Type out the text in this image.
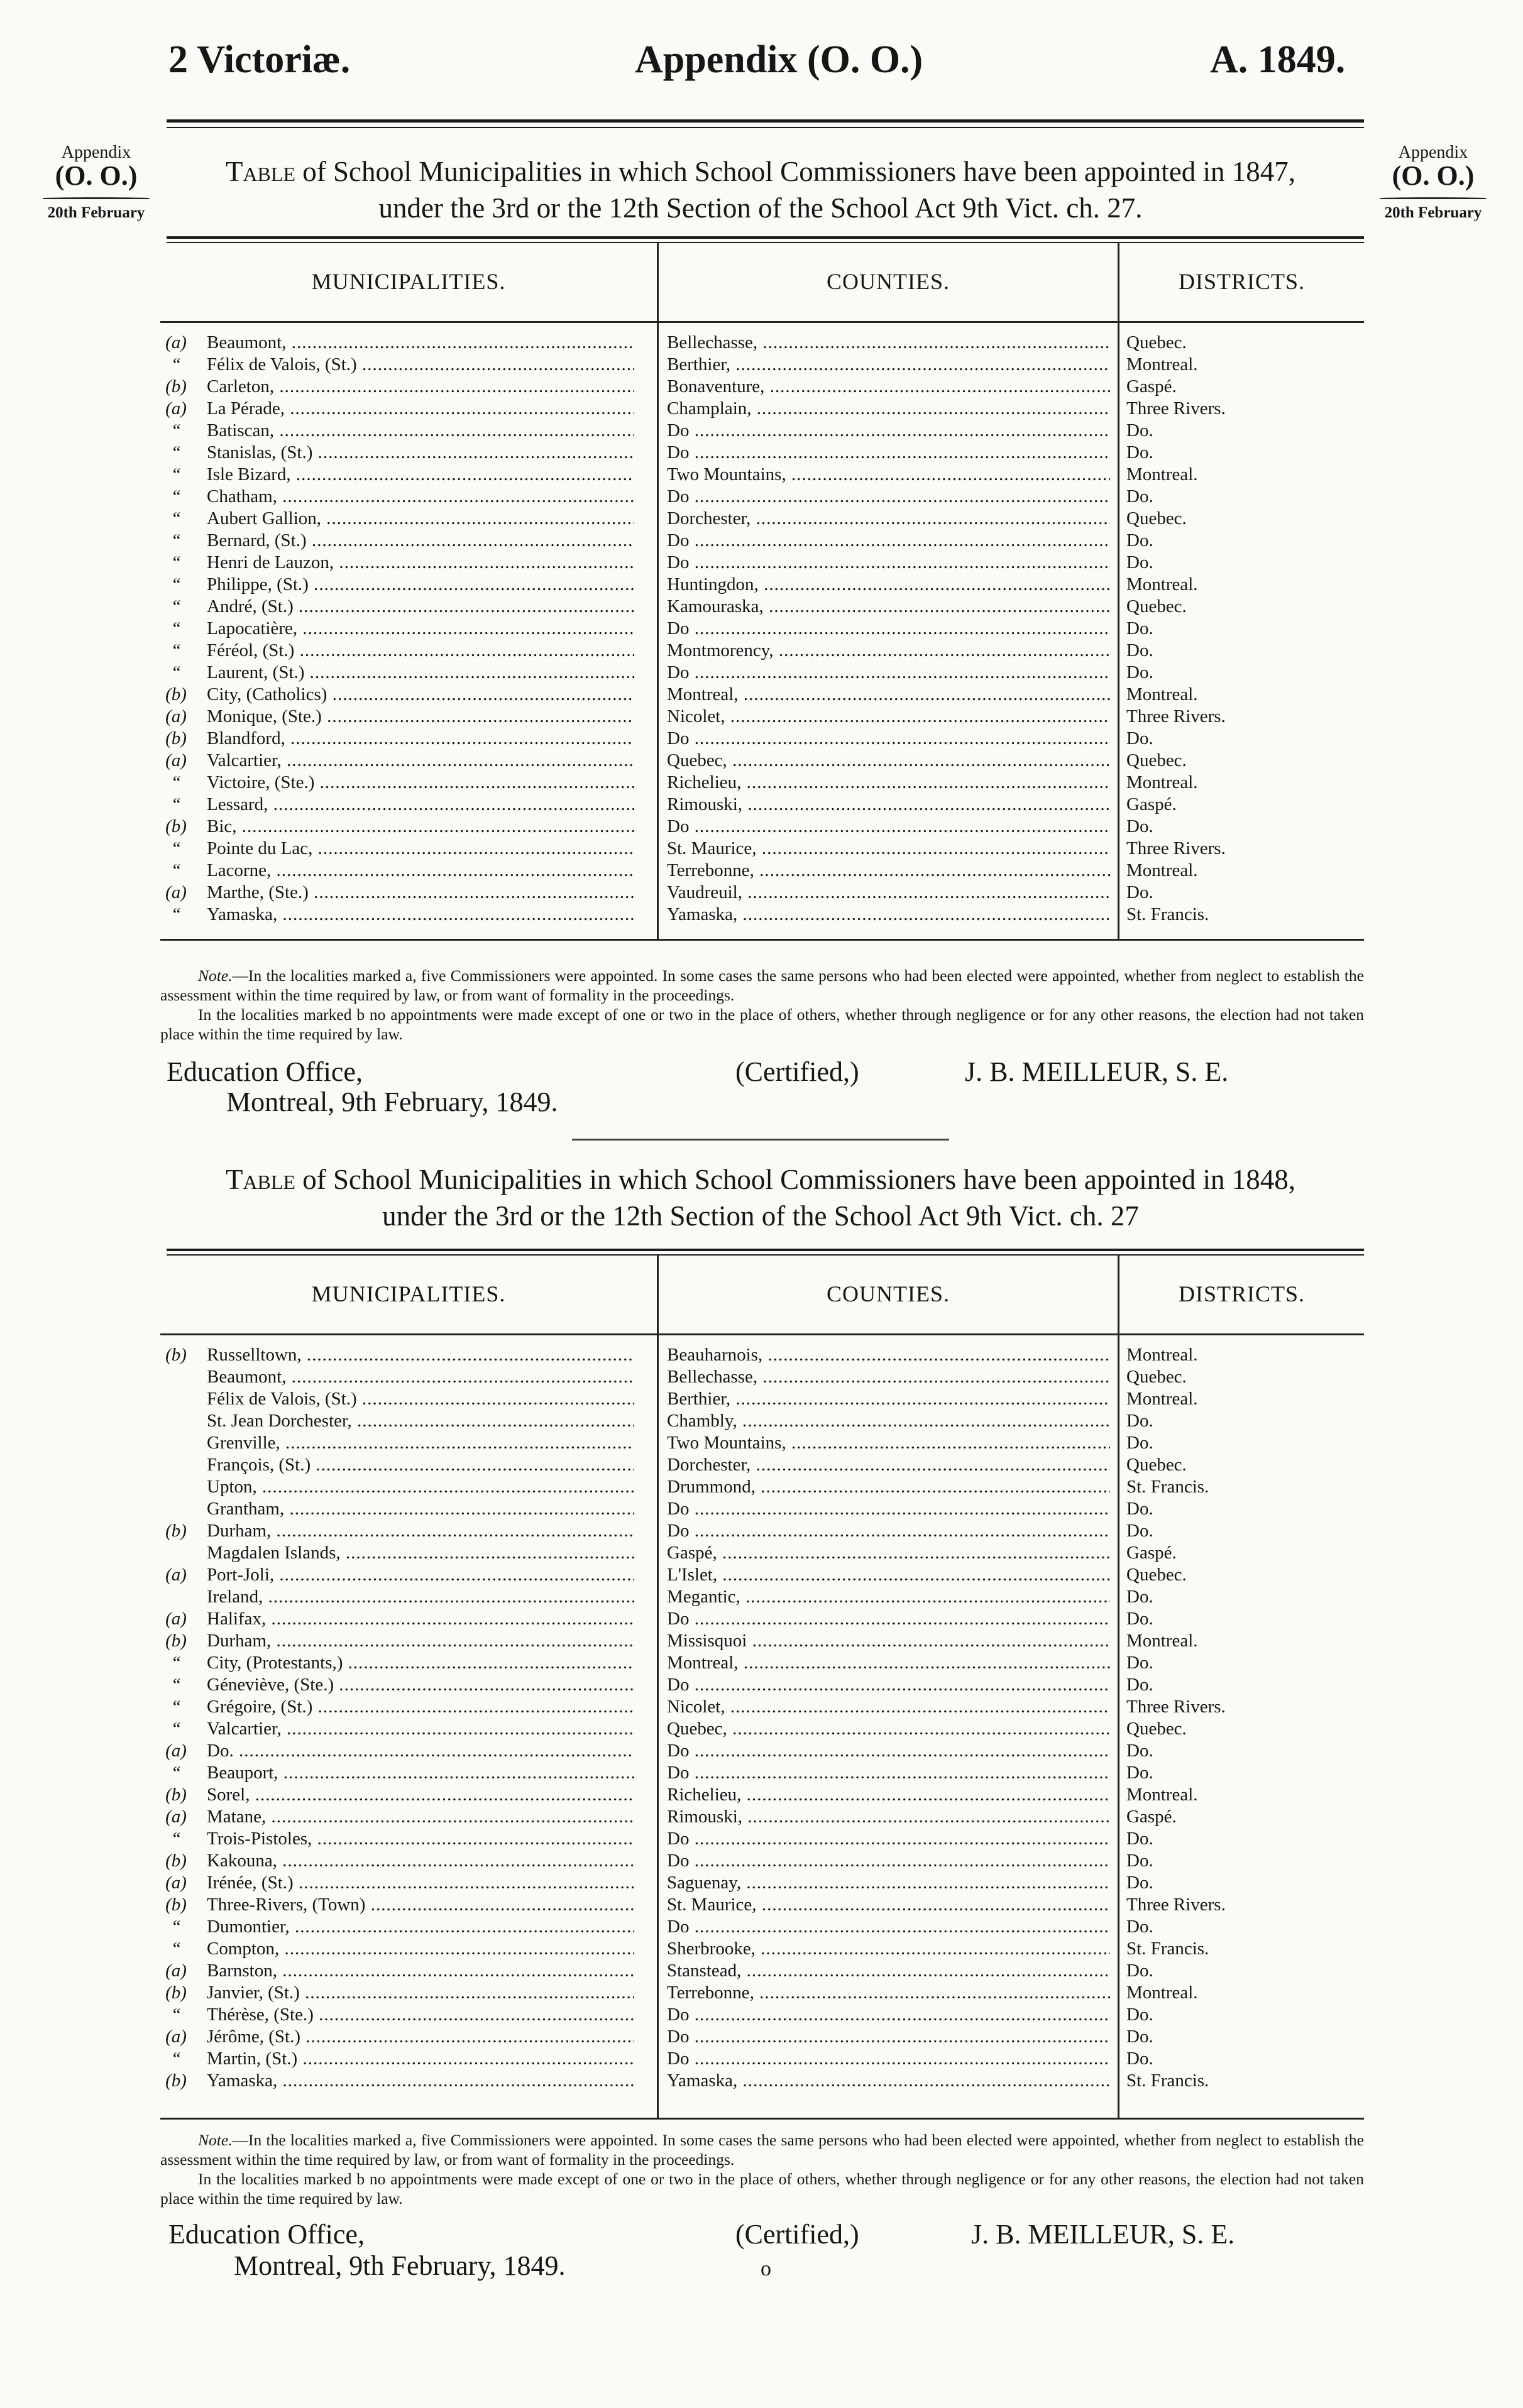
2 Victoriæ.	Appendix (O. O.)	A. 1849.
Appendix
(O. O.)
20th February
Appendix
(O. O.)
20th February
Table of School Municipalities in which School Commissioners have been appointed in 1847,
under the 3rd or the 12th Section of the School Act 9th Vict. ch. 27.
MUNICIPALITIES.	COUNTIES.	DISTRICTS.
(a) Beaumont, .....	Bellechasse, .....	Quebec.
“	Félix de Valois, (St.) .....	Berthier, .....	Montreal.
(b) Carleton, .....	Bonaventure, .....	Gaspé.
(a) La Pérade, .....	Champlain, .....	Three Rivers.
“	Batiscan, .....	Do .....	Do.
“	Stanislas, (St.) .....	Do .....	Do.
“	Isle Bizard, .....	Two Mountains, .....	Montreal.
“	Chatham, .....	Do .....	Do.
“	Aubert Gallion, .....	Dorchester, .....	Quebec.
“	Bernard, (St.) .....	Do .....	Do.
“	Henri de Lauzon, .....	Do .....	Do.
“	Philippe, (St.) .....	Huntingdon, .....	Montreal.
“	André, (St.) .....	Kamouraska, .....	Quebec.
“	Lapocatière, .....	Do .....	Do.
“	Féréol, (St.) .....	Montmorency, .....	Do.
“	Laurent, (St.) .....	Do .....	Do.
(b) City, (Catholics) .....	Montreal, .....	Montreal.
(a) Monique, (Ste.) .....	Nicolet, .....	Three Rivers.
(b) Blandford, .....	Do .....	Do.
(a) Valcartier, .....	Quebec, .....	Quebec.
“	Victoire, (Ste.) .....	Richelieu, .....	Montreal.
“	Lessard, .....	Rimouski, .....	Gaspé.
(b) Bic, .....	Do .....	Do.
“	Pointe du Lac, .....	St. Maurice, .....	Three Rivers.
“	Lacorne, .....	Terrebonne, .....	Montreal.
(a) Marthe, (Ste.) .....	Vaudreuil, .....	Do.
“	Yamaska, .....	Yamaska, .....	St. Francis.
Note.—In the localities marked a, five Commissioners were appointed. In some cases the same persons who had been elected were appointed, whether from neglect to establish the assessment within the time required by law, or from want of formality in the proceedings.
In the localities marked b no appointments were made except of one or two in the place of others, whether through negligence or for any other reasons, the election had not taken place within the time required by law.
Education Office,
Montreal, 9th February, 1849.
(Certified,)	J. B. MEILLEUR, S. E.
Table of School Municipalities in which School Commissioners have been appointed in 1848,
under the 3rd or the 12th Section of the School Act 9th Vict. ch. 27
MUNICIPALITIES.	COUNTIES.	DISTRICTS.
(b) Russelltown, .....	Beauharnois, .....	Montreal.
Beaumont, .....	Bellechasse, .....	Quebec.
Félix de Valois, (St.) .....	Berthier, .....	Montreal.
St. Jean Dorchester, .....	Chambly, .....	Do.
Grenville, .....	Two Mountains, .....	Do.
François, (St.) .....	Dorchester, .....	Quebec.
Upton, .....	Drummond, .....	St. Francis.
Grantham, .....	Do .....	Do.
(b) Durham, .....	Do .....	Do.
Magdalen Islands, .....	Gaspé, .....	Gaspé.
(a) Port-Joli, .....	L'Islet, .....	Quebec.
Ireland, .....	Megantic, .....	Do.
(a) Halifax, .....	Do .....	Do.
(b) Durham, .....	Missisquoi .....	Montreal.
“	City, (Protestants,) .....	Montreal, .....	Do.
“	Géneviève, (Ste.) .....	Do .....	Do.
“	Grégoire, (St.) .....	Nicolet, .....	Three Rivers.
“	Valcartier, .....	Quebec, .....	Quebec.
(a) Do. .....	Do .....	Do.
“	Beauport, .....	Do .....	Do.
(b) Sorel, .....	Richelieu, .....	Montreal.
(a) Matane, .....	Rimouski, .....	Gaspé.
“	Trois-Pistoles, .....	Do .....	Do.
(b) Kakouna, .....	Do .....	Do.
(a) Irénée, (St.) .....	Saguenay, .....	Do.
(b) Three-Rivers, (Town) .....	St. Maurice, .....	Three Rivers.
“	Dumontier, .....	Do .....	Do.
“	Compton, .....	Sherbrooke, .....	St. Francis.
(a) Barnston, .....	Stanstead, .....	Do.
(b) Janvier, (St.) .....	Terrebonne, .....	Montreal.
“	Thérèse, (Ste.) .....	Do .....	Do.
(a) Jérôme, (St.) .....	Do .....	Do.
“	Martin, (St.) .....	Do .....	Do.
(b) Yamaska, .....	Yamaska, .....	St. Francis.
Note.—In the localities marked a, five Commissioners were appointed. In some cases the same persons who had been elected were appointed, whether from neglect to establish the assessment within the time required by law, or from want of formality in the proceedings.
In the localities marked b no appointments were made except of one or two in the place of others, whether through negligence or for any other reasons, the election had not taken place within the time required by law.
Education Office,
Montreal, 9th February, 1849.
(Certified,)	J. B. MEILLEUR, S. E.
o
